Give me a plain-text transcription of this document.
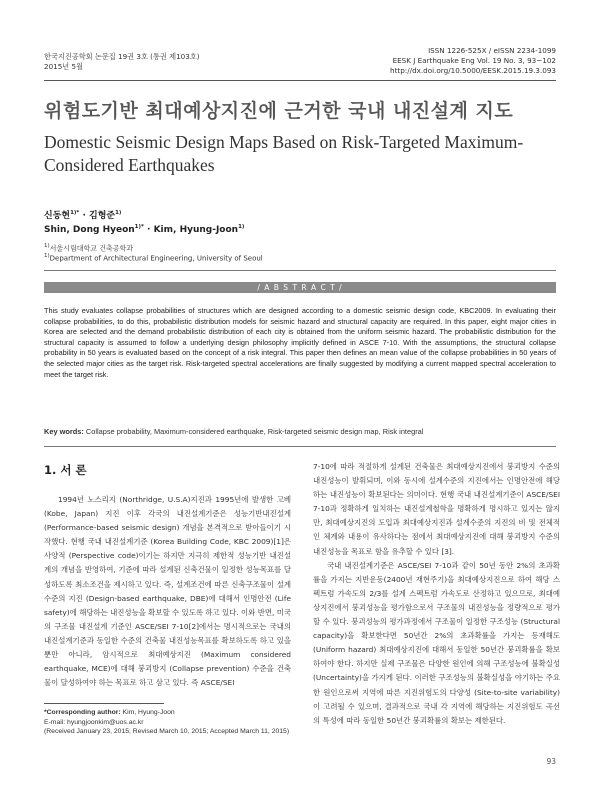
한국지진공학회 논문집 19권 3호 (통권 제103호)
2015년 5월
ISSN 1226-525X / eISSN 2234-1099
EESK J Earthquake Eng Vol. 19 No. 3, 93~102
http://dx.doi.org/10.5000/EESK.2015.19.3.093
위험도기반 최대예상지진에 근거한 국내 내진설계 지도
Domestic Seismic Design Maps Based on Risk-Targeted Maximum-Considered Earthquakes
신동현$^{1)*}$ · 김형준$^{1)}$
Shin, Dong Hyeon$^{1)*}$ · Kim, Hyung-Joon$^{1)}$
$^{1)}$서울시립대학교 건축공학과
$^{1)}$Department of Architectural Engineering, University of Seoul
/ A B S T R A C T /
This study evaluates collapse probabilities of structures which are designed according to a domestic seismic design code, KBC2009. In evaluating their collapse probabilities, to do this, probabilistic distribution models for seismic hazard and structural capacity are required. In this paper, eight major cities in Korea are selected and the demand probabilistic distribution of each city is obtained from the uniform seismic hazard. The probabilistic distribution for the structural capacity is assumed to follow a underlying design philosophy implicitly defined in ASCE 7-10. With the assumptions, the structural collapse probability in 50 years is evaluated based on the concept of a risk integral. This paper then defines an mean value of the collapse probabilities in 50 years of the selected major cities as the target risk. Risk-targeted spectral accelerations are finally suggested by modifying a current mapped spectral acceleration to meet the target risk.
Key words: Collapse probability, Maximum-considered earthquake, Risk-targeted seismic design map, Risk integral
1. 서 론

1994년 노스리지 (Northridge, U.S.A)지진과 1995년에 발생한 고베 (Kobe, Japan) 지진 이후 각국의 내진설계기준은 성능기반내진설계 (Performance-based seismic design) 개념을 본격적으로 받아들이기 시작했다. 현행 국내 내진설계기준 (Korea Building Code, KBC 2009)[1]은 사양적 (Perspective code)이기는 하지만 지극히 제한적 성능기반 내진설계의 개념을 반영하여, 기준에 따라 설계된 신축건물이 일정한 성능목표를 달성하도록 최소조건을 제시하고 있다. 즉, 설계조건에 따른 신축구조물이 설계수준의 지진 (Design-based earthquake, DBE)에 대해서 인명안전 (Life safety)에 해당하는 내진성능을 확보할 수 있도록 하고 있다. 이와 반면, 미국의 구조물 내진설계 기준인 ASCE/SEI 7-10[2]에서는 명시적으로는 국내의 내진설계기준과 동일한 수준의 건축물 내진성능목표를 확보하도록 하고 있을 뿐만 아니라, 암시적으로 최대예상지진 (Maximum considered earthquake, MCE)에 대해 붕괴방지 (Collapse prevention) 수준을 건축물이 달성하여야 하는 목표로 하고 삼고 있다. 즉 ASCE/SEI

7-10에 따라 적절하게 설계된 건축물은 최대예상지진에서 붕괴방지 수준의 내진성능이 발휘되며, 이와 동시에 설계수준의 지진에서는 인명안전에 해당하는 내진성능이 확보된다는 의미이다. 현행 국내 내진설계기준이 ASCE/SEI 7-10과 정확하게 일치하는 내진설계철학을 명확하게 명시하고 있지는 않지만, 최대예상지진의 도입과 최대예상지진과 설계수준의 지진의 비 및 전체적인 체계와 내용이 유사하다는 점에서 최대예상지진에 대해 붕괴방지 수준의 내진성능을 목표로 함을 유추할 수 있다 [3].

국내 내진설계기준은 ASCE/SEI 7-10과 같이 50년 동안 2%의 초과확률을 가지는 지반운동(2400년 재현주기)을 최대예상지진으로 하여 해당 스펙트럼 가속도의 2/3를 설계 스펙트럼 가속도로 산정하고 있으므로, 최대예상지진에서 붕괴성능을 평가함으로서 구조물의 내진성능을 정량적으로 평가할 수 있다. 붕괴성능의 평가과정에서 구조물이 일정한 구조성능 (Structural capacity)을 확보한다면 50년간 2%의 초과확률을 가지는 등재해도 (Uniform hazard) 최대예상지진에 대해서 동일한 50년간 붕괴확률을 확보하여야 한다. 하지만 실제 구조물은 다양한 원인에 의해 구조성능에 불확실성(Uncertainty)을 가지게 된다. 이러한 구조성능의 불확실성을 야기하는 주요한 원인으로써 지역에 따른 지진위험도의 다양성 (Site-to-site variability)이 고려될 수 있으며, 결과적으로 국내 각 지역에 해당하는 지진위험도 곡선의 특성에 따라 동일한 50년간 붕괴확률의 확보는 제한된다.

*Corresponding author: Kim, Hyung-Joon
E-mail: hyungjoonkim@uos.ac.kr
(Received January 23, 2015; Revised March 10, 2015; Accepted March 11, 2015)
93
